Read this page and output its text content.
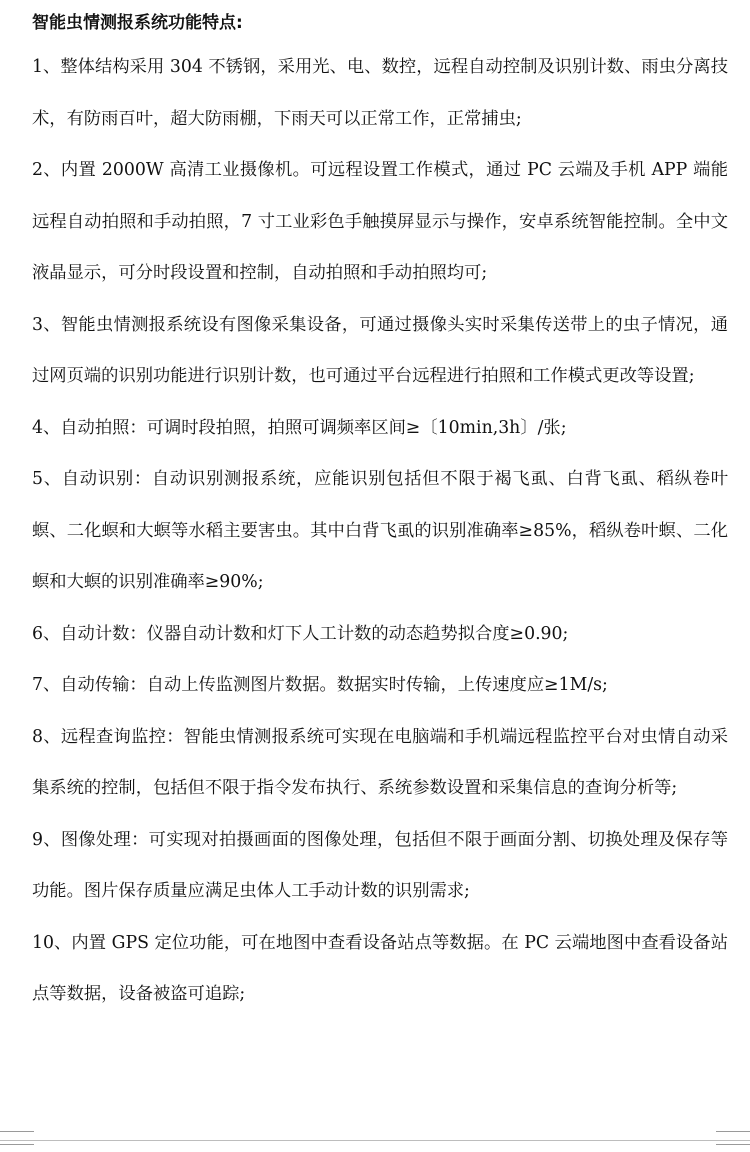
智能虫情测报系统功能特点:

1、整体结构采用 304 不锈钢，采用光、电、数控，远程自动控制及识别计数、雨虫分离技术，有防雨百叶，超大防雨棚，下雨天可以正常工作，正常捕虫;

2、内置 2000W 高清工业摄像机。可远程设置工作模式，通过 PC 云端及手机 APP 端能远程自动拍照和手动拍照，7 寸工业彩色手触摸屏显示与操作，安卓系统智能控制。全中文液晶显示，可分时段设置和控制，自动拍照和手动拍照均可;

3、智能虫情测报系统设有图像采集设备，可通过摄像头实时采集传送带上的虫子情况，通过网页端的识别功能进行识别计数，也可通过平台远程进行拍照和工作模式更改等设置;

4、自动拍照：可调时段拍照，拍照可调频率区间≥〔10min,3h〕/张;

5、自动识别：自动识别测报系统，应能识别包括但不限于褐飞虱、白背飞虱、稻纵卷叶螟、二化螟和大螟等水稻主要害虫。其中白背飞虱的识别准确率≥85%，稻纵卷叶螟、二化螟和大螟的识别准确率≥90%;

6、自动计数：仪器自动计数和灯下人工计数的动态趋势拟合度≥0.90;

7、自动传输：自动上传监测图片数据。数据实时传输，上传速度应≥1M/s;

8、远程查询监控：智能虫情测报系统可实现在电脑端和手机端远程监控平台对虫情自动采集系统的控制，包括但不限于指令发布执行、系统参数设置和采集信息的查询分析等;

9、图像处理：可实现对拍摄画面的图像处理，包括但不限于画面分割、切换处理及保存等功能。图片保存质量应满足虫体人工手动计数的识别需求;

10、内置 GPS 定位功能，可在地图中查看设备站点等数据。在 PC 云端地图中查看设备站点等数据，设备被盗可追踪;
